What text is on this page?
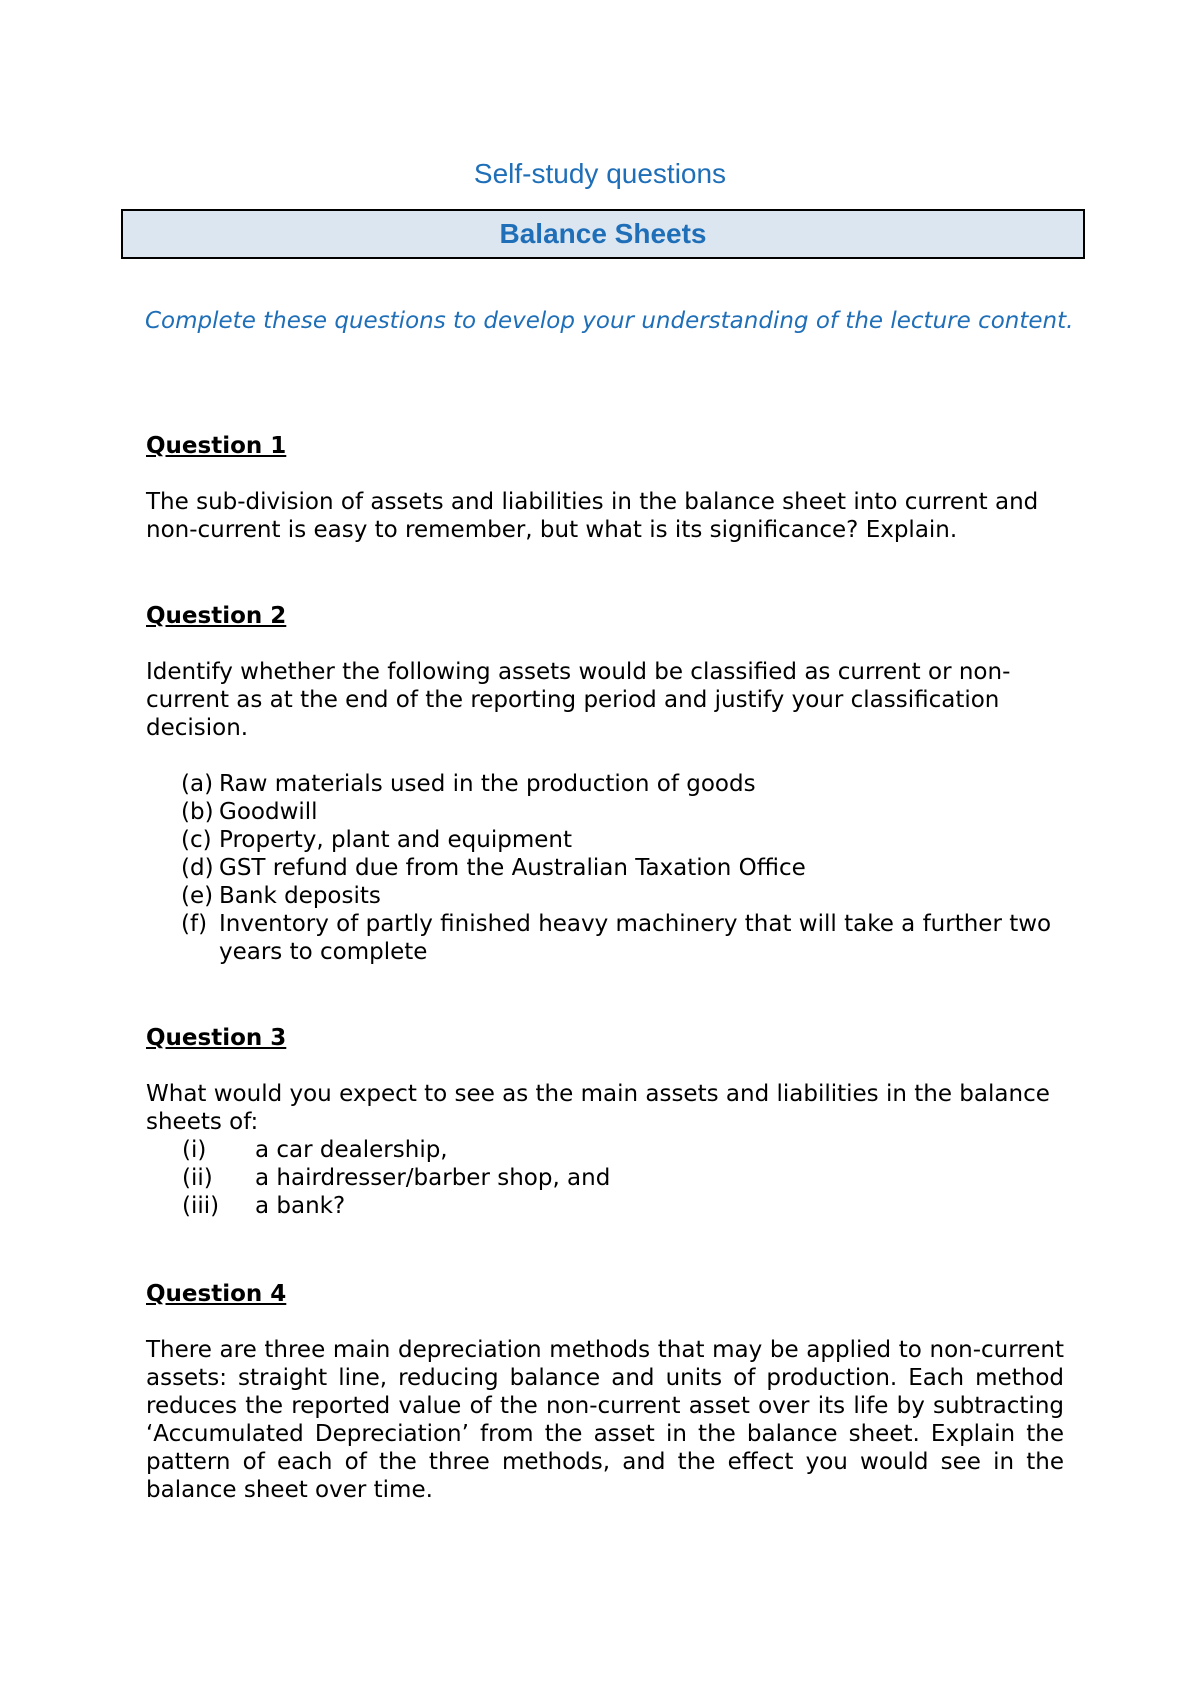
Self-study questions
Balance Sheets
Complete these questions to develop your understanding of the lecture content.
Question 1
The sub-division of assets and liabilities in the balance sheet into current and non-current is easy to remember, but what is its significance? Explain.
Question 2
Identify whether the following assets would be classified as current or non-current as at the end of the reporting period and justify your classification decision.
(a) Raw materials used in the production of goods
(b) Goodwill
(c) Property, plant and equipment
(d) GST refund due from the Australian Taxation Office
(e) Bank deposits
(f) Inventory of partly finished heavy machinery that will take a further two years to complete
Question 3
What would you expect to see as the main assets and liabilities in the balance sheets of:
(i)	a car dealership,
(ii)	a hairdresser/barber shop, and
(iii)	a bank?
Question 4
There are three main depreciation methods that may be applied to non-current assets: straight line, reducing balance and units of production. Each method reduces the reported value of the non-current asset over its life by subtracting ‘Accumulated Depreciation’ from the asset in the balance sheet. Explain the pattern of each of the three methods, and the effect you would see in the balance sheet over time.
